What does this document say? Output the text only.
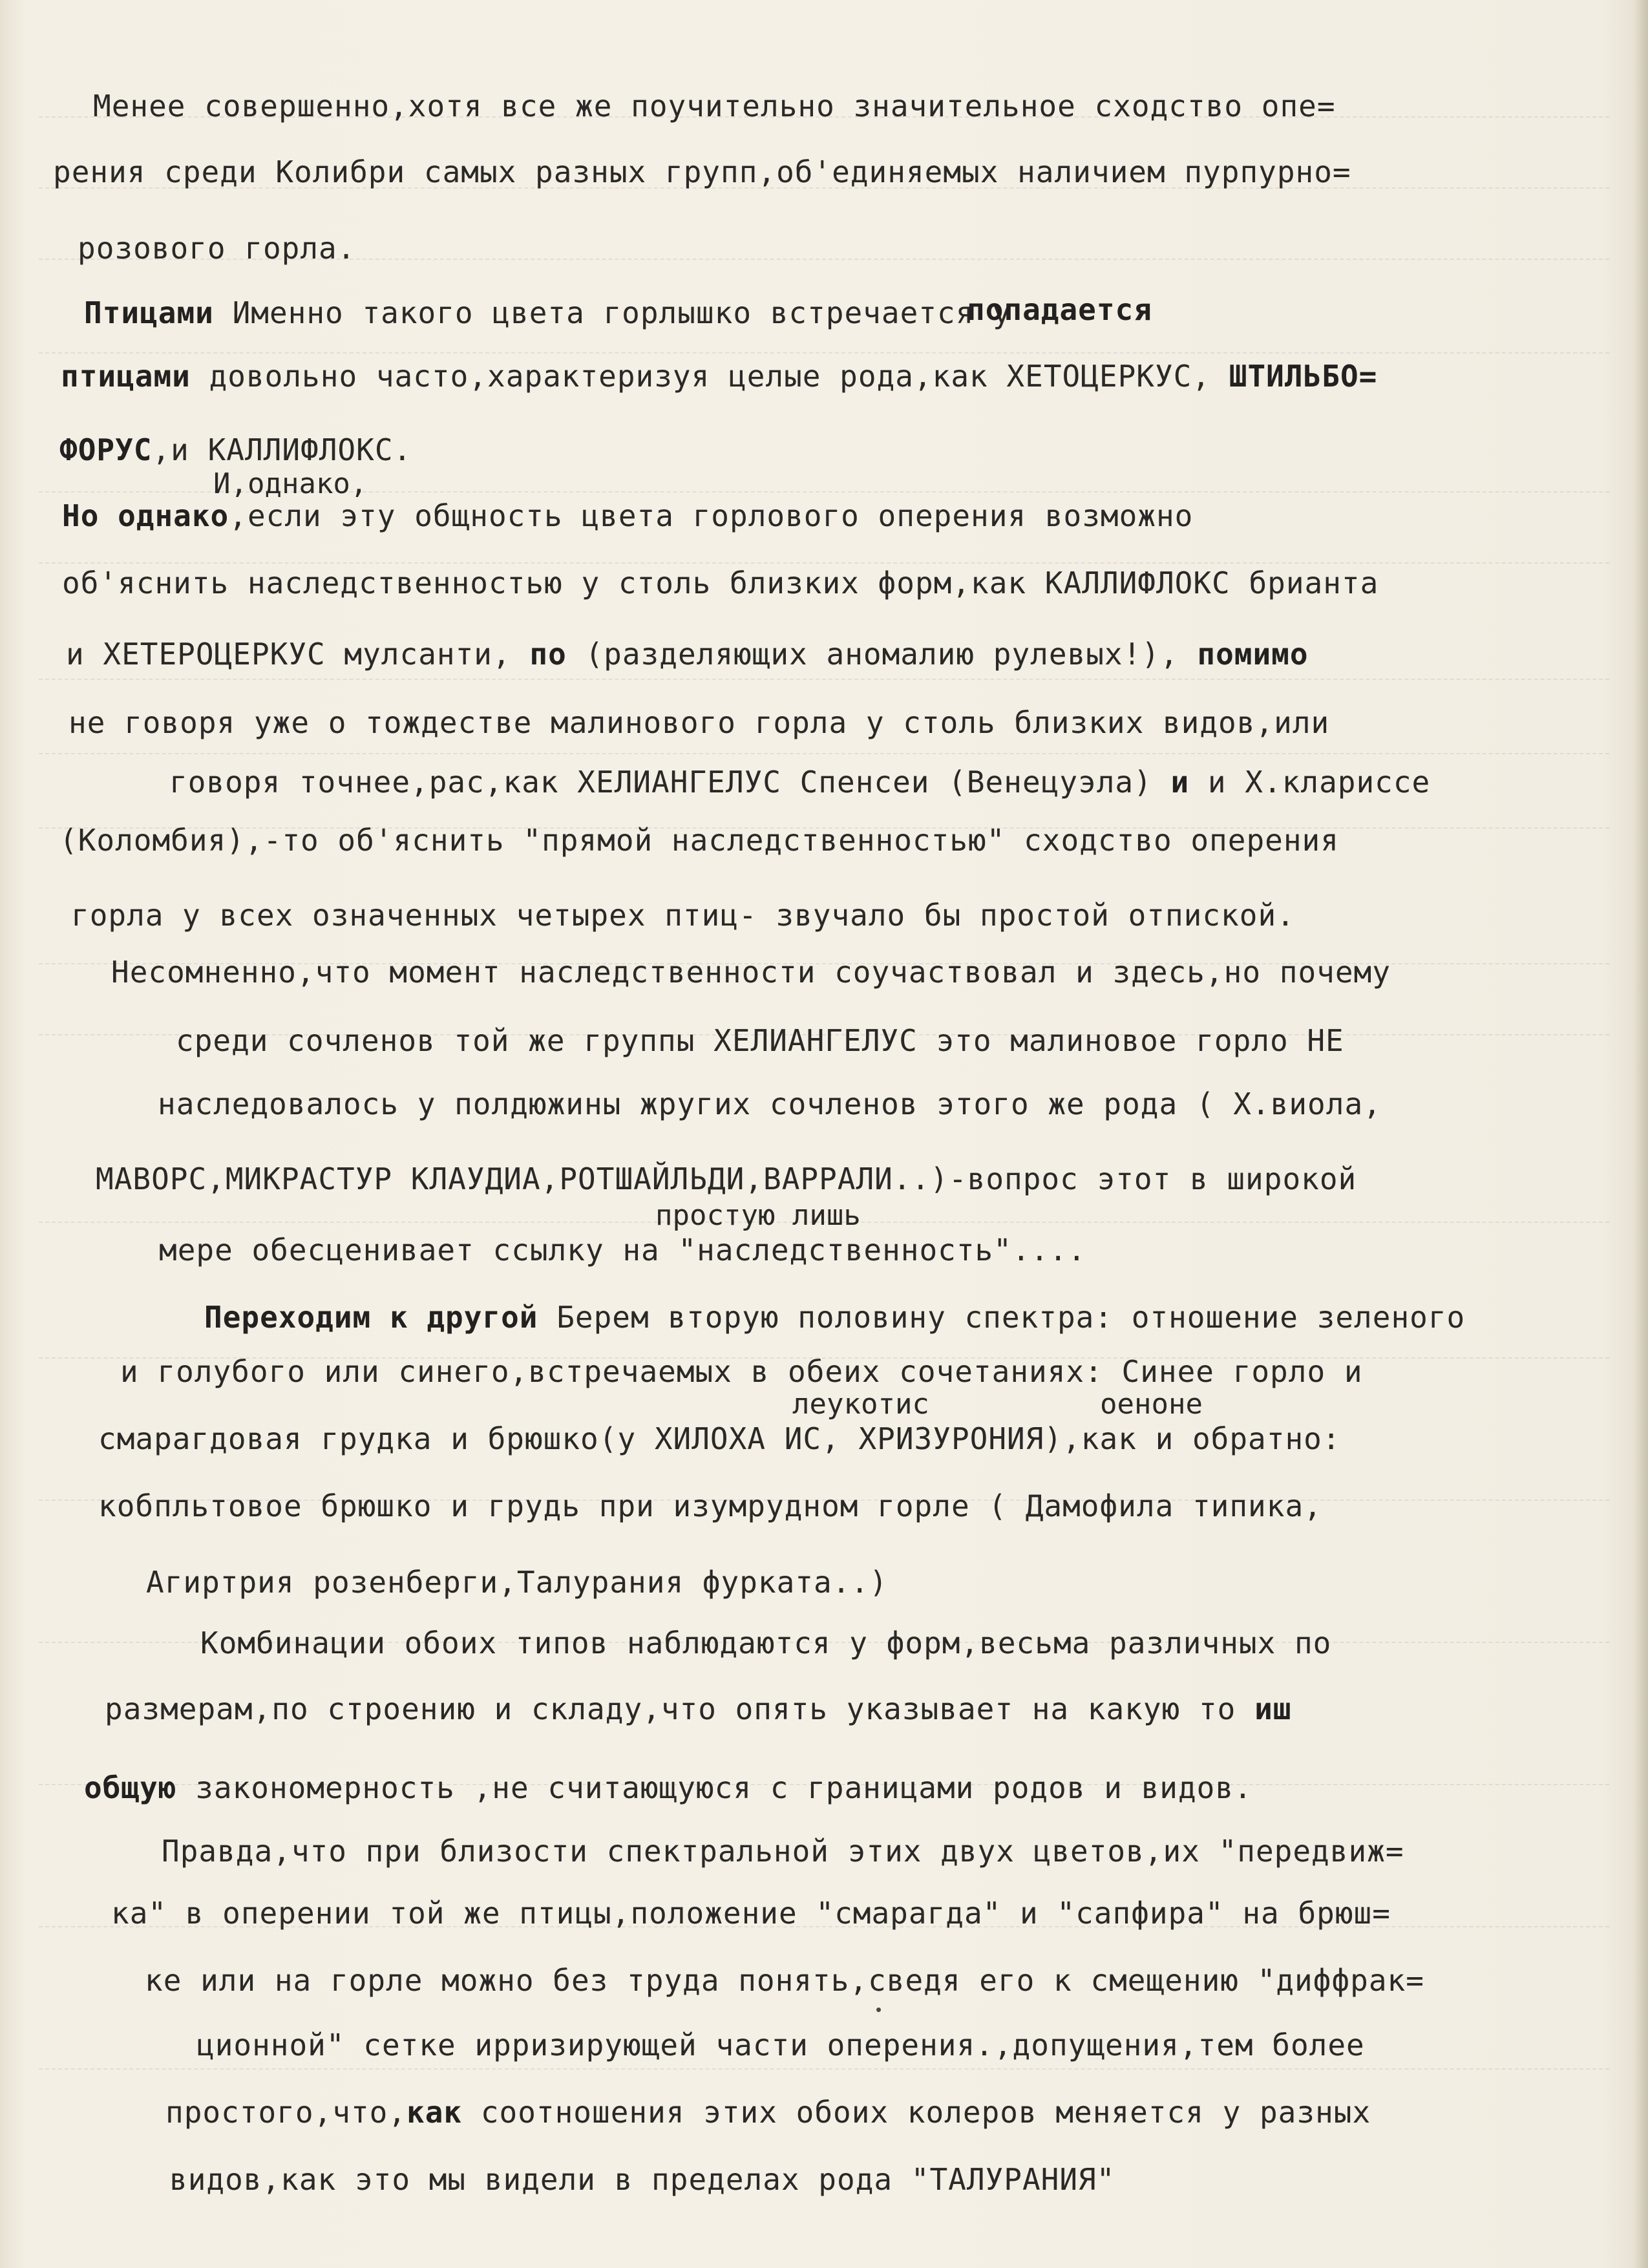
Менее совершенно,хотя все же поучительно значительное сходство опе=
рения среди Колибри самых разных групп,об'единяемых наличием пурпурно=
розового горла.
Птицами Именно такого цвета горлышко встречается у
попадается
птицами довольно часто,характеризуя целые рода,как ХЕТОЦЕРКУС, ШТИЛЬБО=
ФОРУС,и КАЛЛИФЛОКС.
И,однако,
Но однако,если эту общность цвета горлового оперения возможно
об'яснить наследственностью у столь близких форм,как КАЛЛИФЛОКС брианта
и ХЕТЕРОЦЕРКУС мулсанти, по (разделяющих аномалию рулевых!), помимо
не говоря уже о тождестве малинового горла у столь близких видов,или
говоря точнее,рас,как ХЕЛИАНГЕЛУС Спенсеи (Венецуэла) и и Х.клариссе
(Коломбия),-то об'яснить "прямой наследственностью" сходство оперения
горла у всех означенных четырех птиц- звучало бы простой отпиской.
Несомненно,что момент наследственности соучаствовал и здесь,но почему
среди сочленов той же группы ХЕЛИАНГЕЛУС это малиновое горло НЕ
наследовалось у полдюжины жругих сочленов этого же рода ( Х.виола,
МАВОРС,МИКРАСТУР КЛАУДИА,РОТШАЙЛЬДИ,ВАРРАЛИ..)-вопрос этот в широкой
простую лишь
мере обесценивает ссылку на "наследственность"....
Переходим к другой Берем вторую половину спектра: отношение зеленого
и голубого или синего,встречаемых в обеих сочетаниях: Синее горло и
леукотис	оеноне
смарагдовая грудка и брюшко(у ХИЛОХА ИС, ХРИЗУРОНИЯ),как и обратно:
кобпльтовое брюшко и грудь при изумрудном горле ( Дамофила типика,
Агиртрия розенберги,Талурания фурката..)
Комбинации обоих типов наблюдаются у форм,весьма различных по
размерам,по строению и складу,что опять указывает на какую то иш
общую закономерность ,не считающуюся с границами родов и видов.
Правда,что при близости спектральной этих двух цветов,их "передвиж=
ка" в оперении той же птицы,положение "смарагда" и "сапфира" на брюш=
ке или на горле можно без труда понять,сведя его к смещению "диффрак=
ционной" сетке ирризирующей части оперения.,допущения,тем более
простого,что,как соотношения этих обоих колеров меняется у разных
видов,как это мы видели в пределах рода "ТАЛУРАНИЯ"
